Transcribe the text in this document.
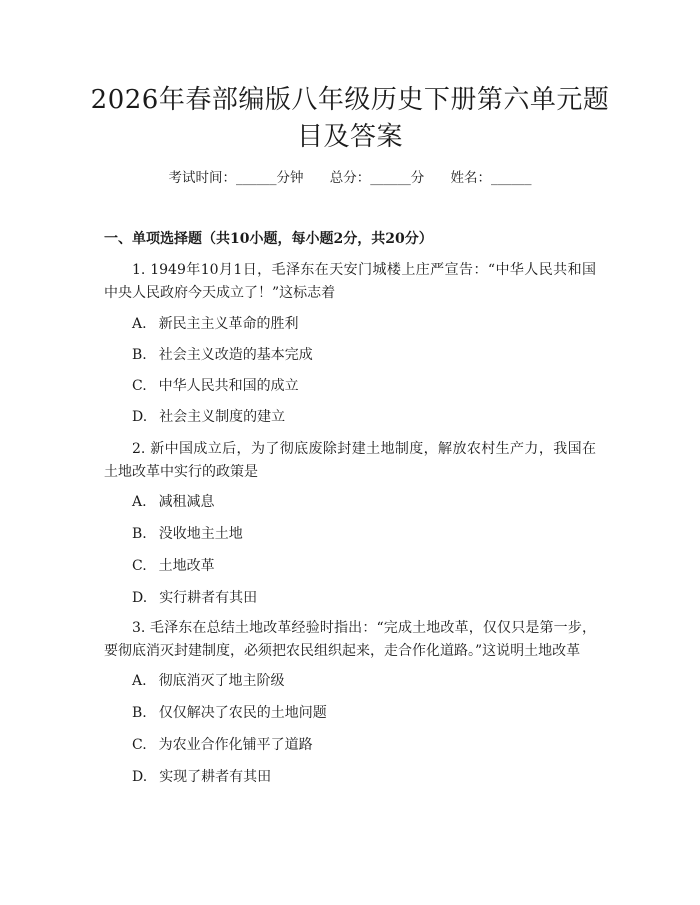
2026年春部编版八年级历史下册第六单元题目及答案
考试时间：______分钟 总分：______分 姓名：______
一、单项选择题（共10小题，每小题2分，共20分）

1. 1949年10月1日，毛泽东在天安门城楼上庄严宣告：“中华人民共和国中央人民政府今天成立了！”这标志着

A. 新民主主义革命的胜利
B. 社会主义改造的基本完成
C. 中华人民共和国的成立
D. 社会主义制度的建立

2. 新中国成立后，为了彻底废除封建土地制度，解放农村生产力，我国在土地改革中实行的政策是

A. 减租减息
B. 没收地主土地
C. 土地改革
D. 实行耕者有其田

3. 毛泽东在总结土地改革经验时指出：“完成土地改革，仅仅只是第一步，要彻底消灭封建制度，必须把农民组织起来，走合作化道路。”这说明土地改革

A. 彻底消灭了地主阶级
B. 仅仅解决了农民的土地问题
C. 为农业合作化铺平了道路
D. 实现了耕者有其田
